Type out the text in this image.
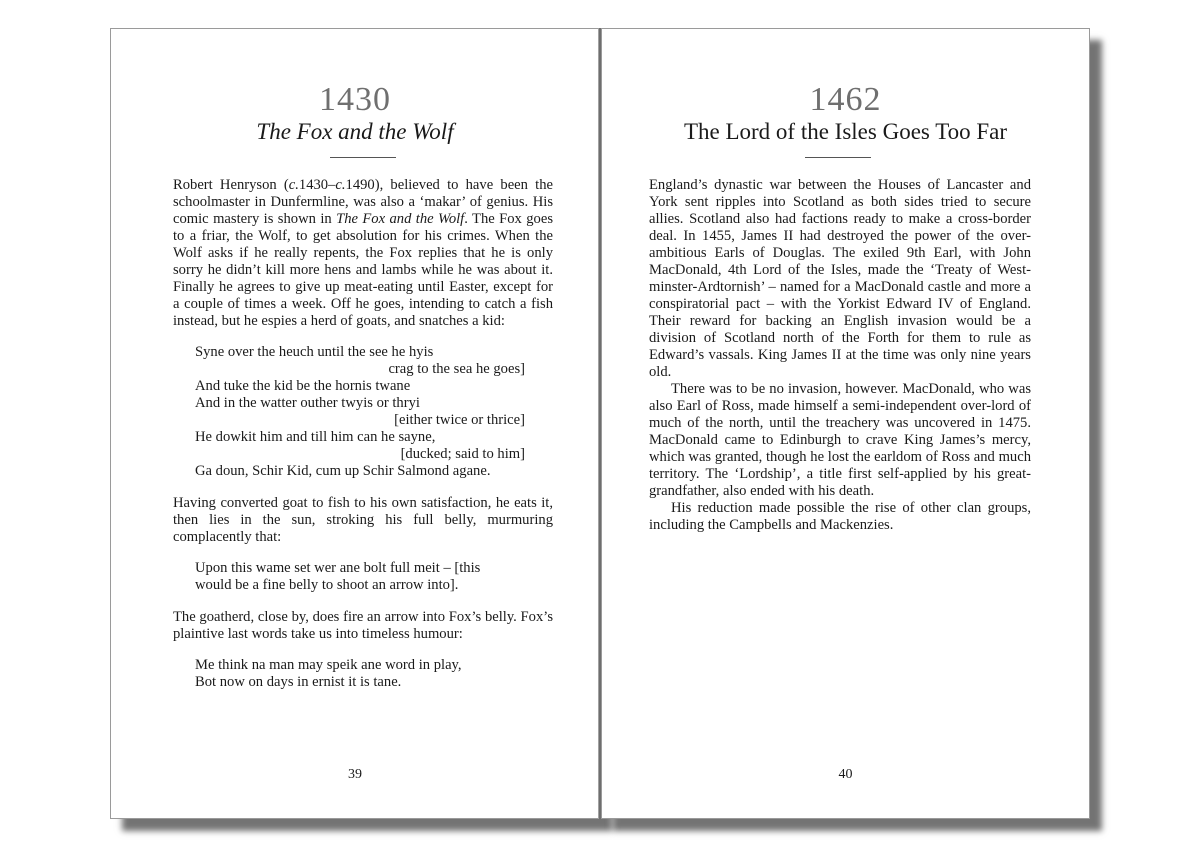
1430
The Fox and the Wolf

Robert Henryson (c.1430–c.1490), believed to have been the schoolmaster in Dunfermline, was also a ‘makar’ of genius. His comic mastery is shown in The Fox and the Wolf. The Fox goes to a friar, the Wolf, to get absolution for his crimes. When the Wolf asks if he really repents, the Fox replies that he is only sorry he didn’t kill more hens and lambs while he was about it. Finally he agrees to give up meat-eating until Easter, except for a couple of times a week. Off he goes, intending to catch a fish instead, but he espies a herd of goats, and snatches a kid:

Syne over the heuch until the see he hyis
crag to the sea he goes]
And tuke the kid be the hornis twane
And in the watter outher twyis or thryi
[either twice or thrice]
He dowkit him and till him can he sayne,
[ducked; said to him]
Ga doun, Schir Kid, cum up Schir Salmond agane.

Having converted goat to fish to his own satisfaction, he eats it, then lies in the sun, stroking his full belly, murmuring complacently that:

Upon this wame set wer ane bolt full meit – [this
would be a fine belly to shoot an arrow into].

The goatherd, close by, does fire an arrow into Fox’s belly. Fox’s plaintive last words take us into timeless humour:

Me think na man may speik ane word in play,
Bot now on days in ernist it is tane.
39
1462
The Lord of the Isles Goes Too Far

England’s dynastic war between the Houses of Lancaster and York sent ripples into Scotland as both sides tried to secure allies. Scotland also had factions ready to make a cross-border deal. In 1455, James II had destroyed the power of the over-ambitious Earls of Douglas. The exiled 9th Earl, with John MacDonald, 4th Lord of the Isles, made the ‘Treaty of West-minster-Ardtornish’ – named for a MacDonald castle and more a conspiratorial pact – with the Yorkist Edward IV of England. Their reward for backing an English invasion would be a division of Scotland north of the Forth for them to rule as Edward’s vassals. King James II at the time was only nine years old.

There was to be no invasion, however. MacDonald, who was also Earl of Ross, made himself a semi-independent over-lord of much of the north, until the treachery was uncovered in 1475. MacDonald came to Edinburgh to crave King James’s mercy, which was granted, though he lost the earldom of Ross and much territory. The ‘Lordship’, a title first self-applied by his great-grandfather, also ended with his death.

His reduction made possible the rise of other clan groups, including the Campbells and Mackenzies.

40
